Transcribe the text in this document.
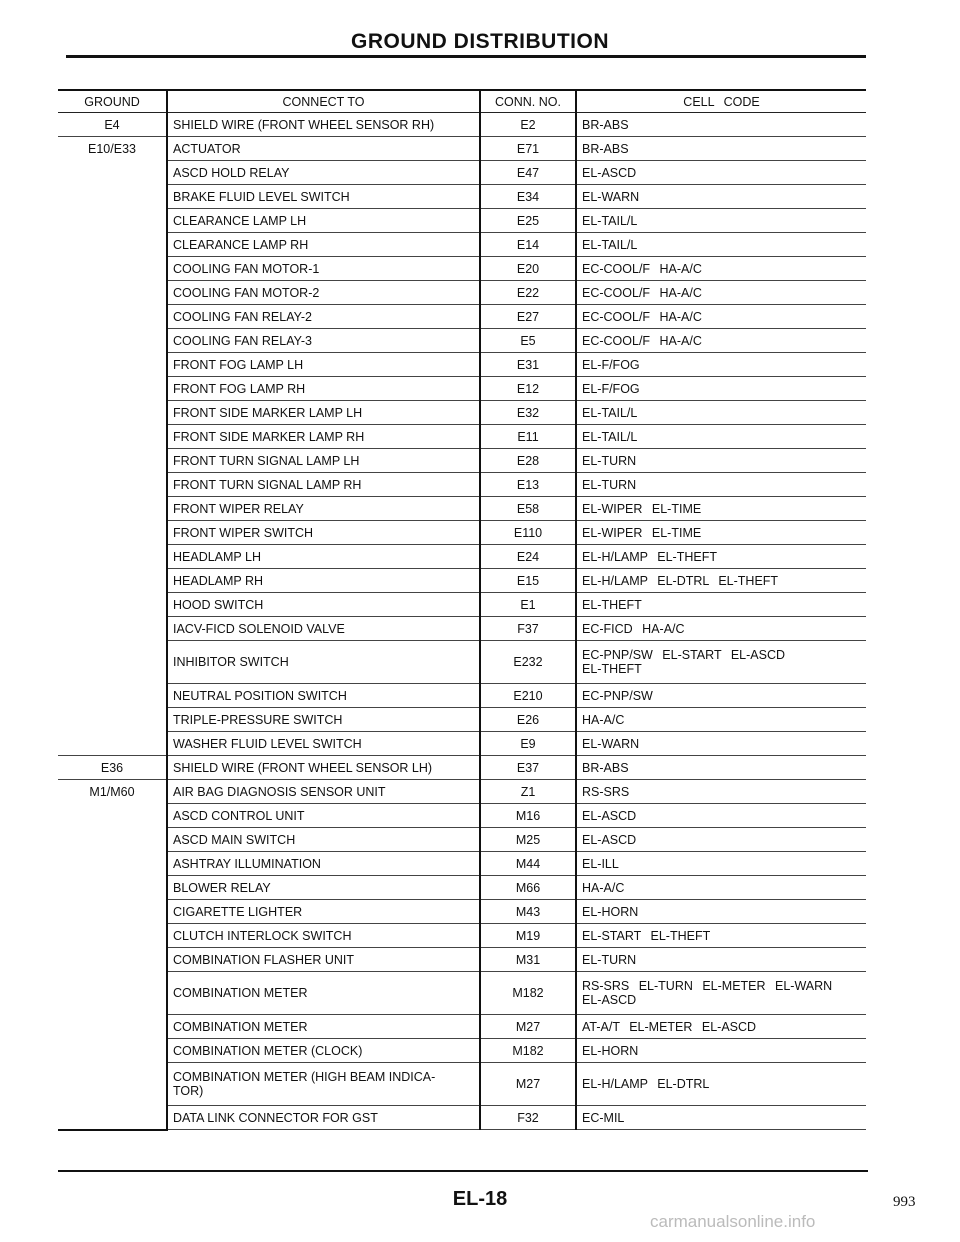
GROUND DISTRIBUTION
GROUND	CONNECT TO	CONN. NO.	CELL CODE

E4	SHIELD WIRE (FRONT WHEEL SENSOR RH)	E2	BR-ABS

E10/E33	ACTUATOR	E71	BR-ABS

	ASCD HOLD RELAY	E47	EL-ASCD

	BRAKE FLUID LEVEL SWITCH	E34	EL-WARN

	CLEARANCE LAMP LH	E25	EL-TAIL/L

	CLEARANCE LAMP RH	E14	EL-TAIL/L

	COOLING FAN MOTOR-1	E20	EC-COOL/F HA-A/C

	COOLING FAN MOTOR-2	E22	EC-COOL/F HA-A/C

	COOLING FAN RELAY-2	E27	EC-COOL/F HA-A/C

	COOLING FAN RELAY-3	E5	EC-COOL/F HA-A/C

	FRONT FOG LAMP LH	E31	EL-F/FOG

	FRONT FOG LAMP RH	E12	EL-F/FOG

	FRONT SIDE MARKER LAMP LH	E32	EL-TAIL/L

	FRONT SIDE MARKER LAMP RH	E11	EL-TAIL/L

	FRONT TURN SIGNAL LAMP LH	E28	EL-TURN

	FRONT TURN SIGNAL LAMP RH	E13	EL-TURN

	FRONT WIPER RELAY	E58	EL-WIPER EL-TIME

	FRONT WIPER SWITCH	E110	EL-WIPER EL-TIME

	HEADLAMP LH	E24	EL-H/LAMP EL-THEFT

	HEADLAMP RH	E15	EL-H/LAMP EL-DTRL EL-THEFT

	HOOD SWITCH	E1	EL-THEFT

	IACV-FICD SOLENOID VALVE	F37	EC-FICD HA-A/C

	INHIBITOR SWITCH	E232	EC-PNP/SW EL-START EL-ASCD
EL-THEFT

	NEUTRAL POSITION SWITCH	E210	EC-PNP/SW

	TRIPLE-PRESSURE SWITCH	E26	HA-A/C

	WASHER FLUID LEVEL SWITCH	E9	EL-WARN

E36	SHIELD WIRE (FRONT WHEEL SENSOR LH)	E37	BR-ABS

M1/M60	AIR BAG DIAGNOSIS SENSOR UNIT	Z1	RS-SRS

	ASCD CONTROL UNIT	M16	EL-ASCD

	ASCD MAIN SWITCH	M25	EL-ASCD

	ASHTRAY ILLUMINATION	M44	EL-ILL

	BLOWER RELAY	M66	HA-A/C

	CIGARETTE LIGHTER	M43	EL-HORN

	CLUTCH INTERLOCK SWITCH	M19	EL-START EL-THEFT

	COMBINATION FLASHER UNIT	M31	EL-TURN

	COMBINATION METER	M182	RS-SRS EL-TURN EL-METER EL-WARN
EL-ASCD

	COMBINATION METER	M27	AT-A/T EL-METER EL-ASCD

	COMBINATION METER (CLOCK)	M182	EL-HORN

	COMBINATION METER (HIGH BEAM INDICA-
TOR)	M27	EL-H/LAMP EL-DTRL

	DATA LINK CONNECTOR FOR GST	F32	EC-MIL
EL-18	993
carmanualsonline.info
